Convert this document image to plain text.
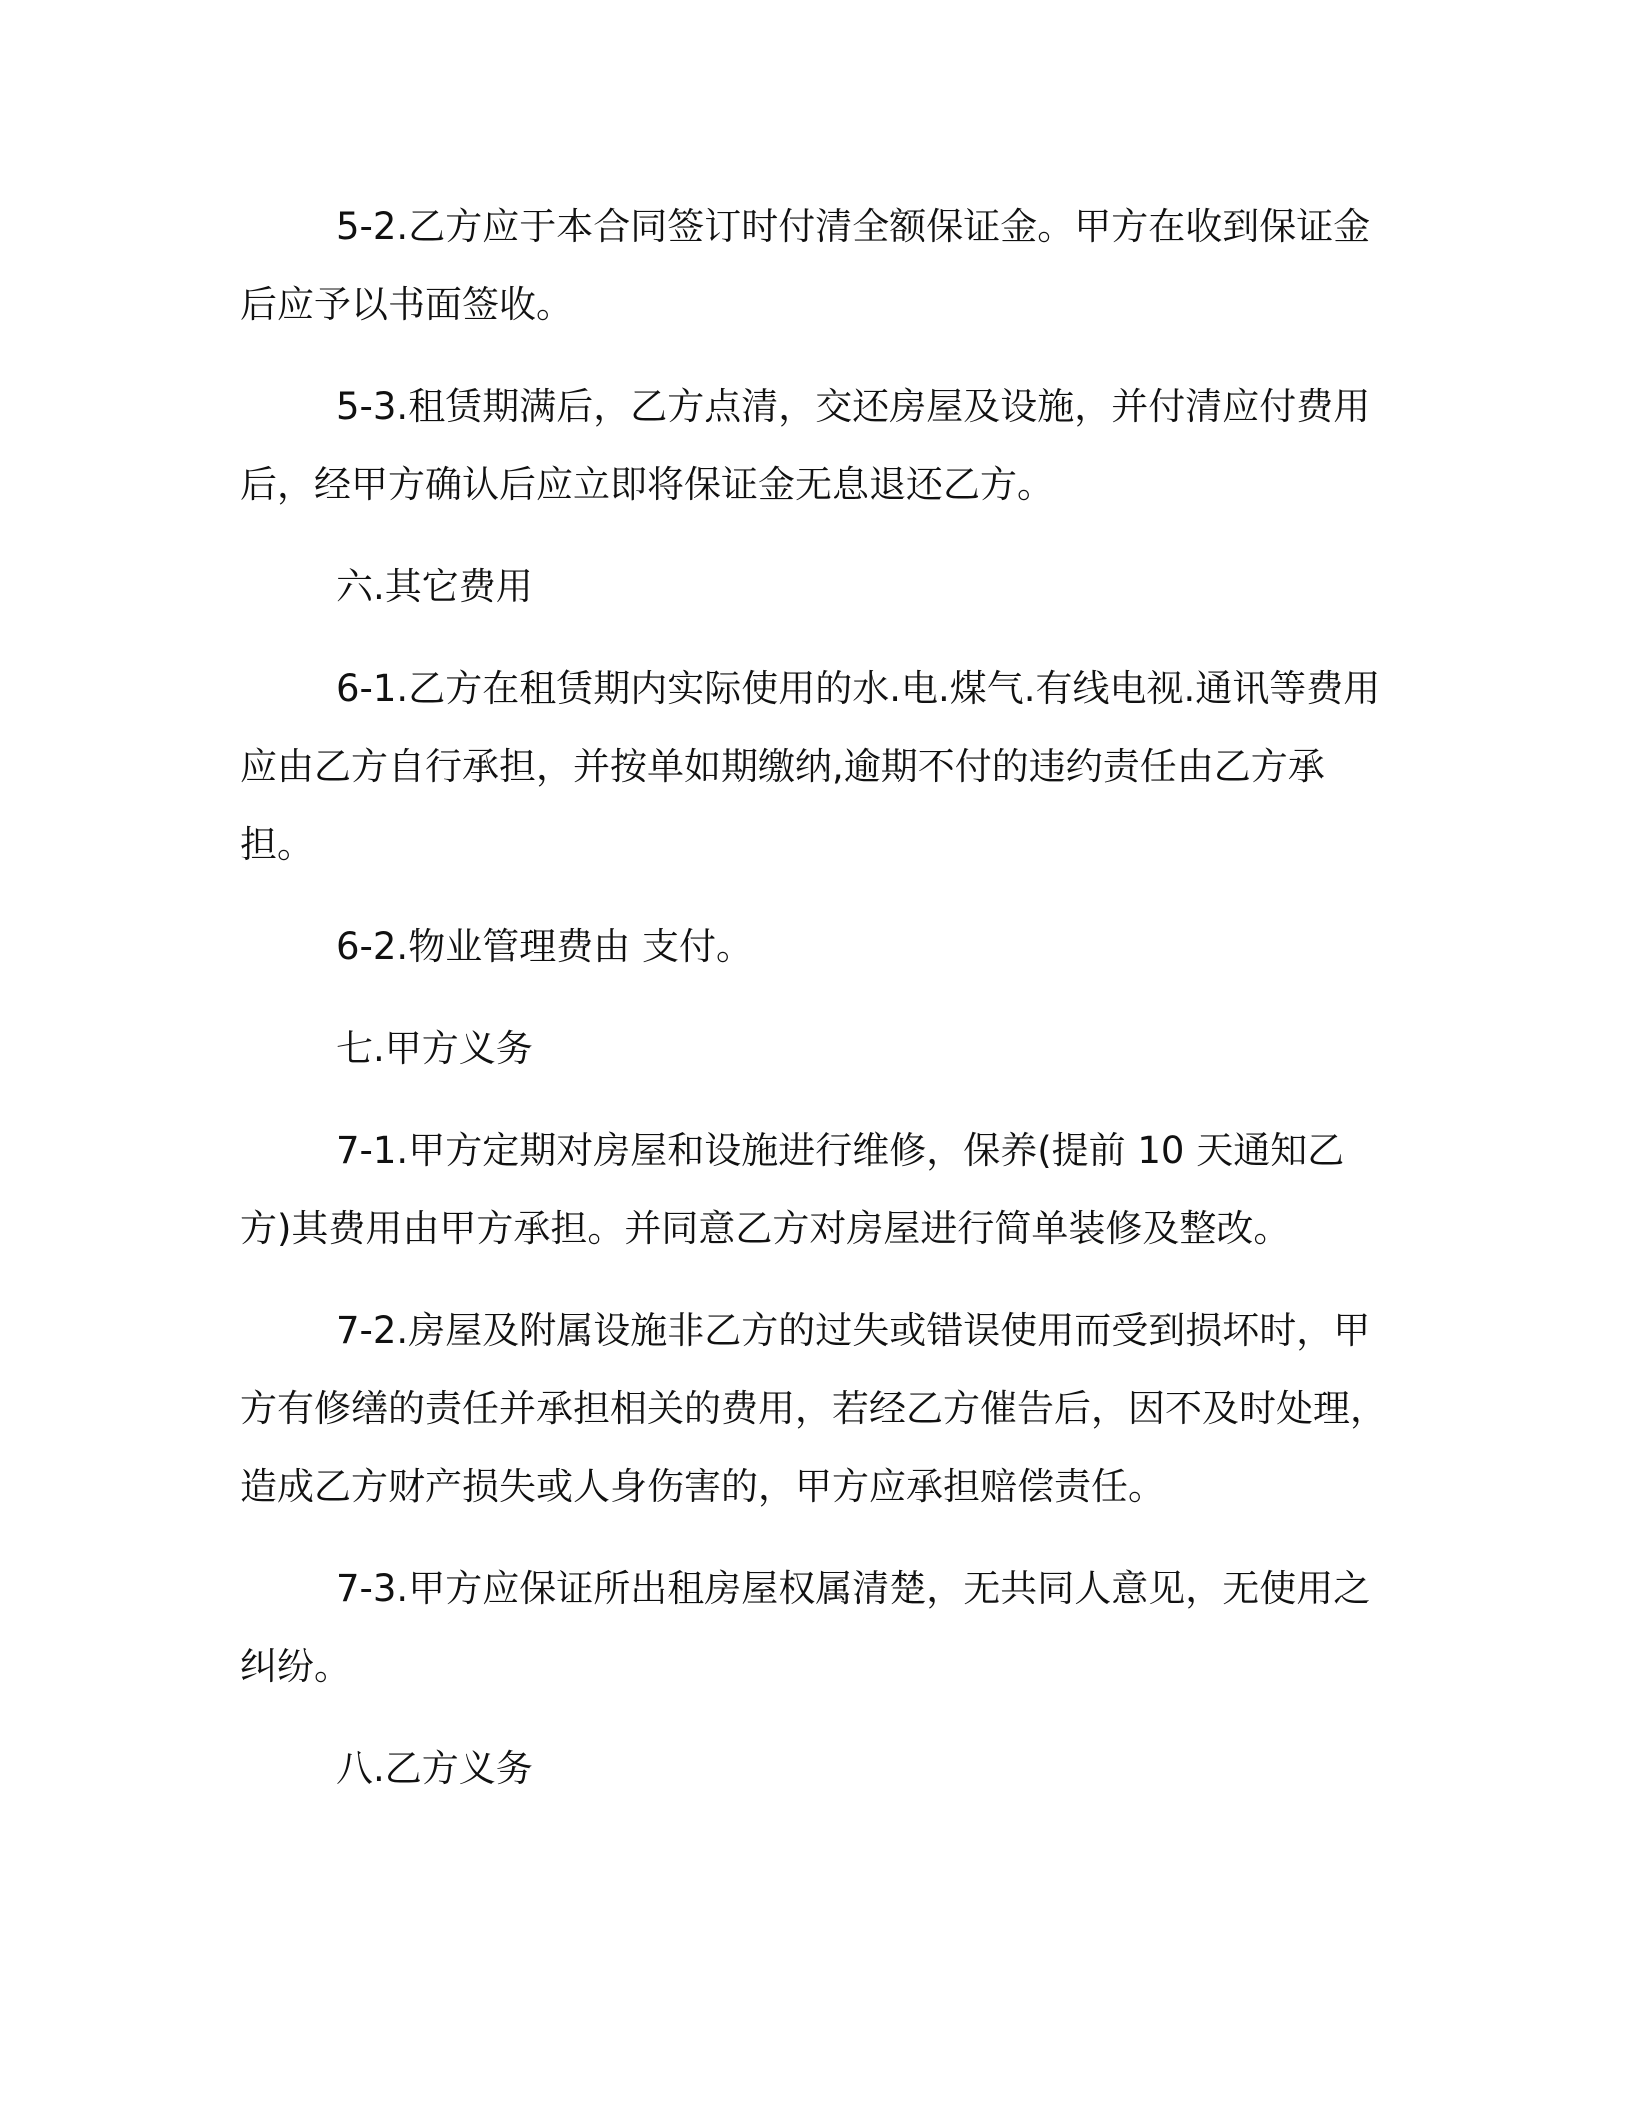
5-2.乙方应于本合同签订时付清全额保证金。甲方在收到保证金后应予以书面签收。

5-3.租赁期满后，乙方点清，交还房屋及设施，并付清应付费用后，经甲方确认后应立即将保证金无息退还乙方。

六.其它费用

6-1.乙方在租赁期内实际使用的水.电.煤气.有线电视.通讯等费用应由乙方自行承担，并按单如期缴纳,逾期不付的违约责任由乙方承担。

6-2.物业管理费由 支付。

七.甲方义务

7-1.甲方定期对房屋和设施进行维修，保养(提前 10 天通知乙方)其费用由甲方承担。并同意乙方对房屋进行简单装修及整改。

7-2.房屋及附属设施非乙方的过失或错误使用而受到损坏时，甲方有修缮的责任并承担相关的费用，若经乙方催告后，因不及时处理，造成乙方财产损失或人身伤害的，甲方应承担赔偿责任。

7-3.甲方应保证所出租房屋权属清楚，无共同人意见，无使用之纠纷。

八.乙方义务
